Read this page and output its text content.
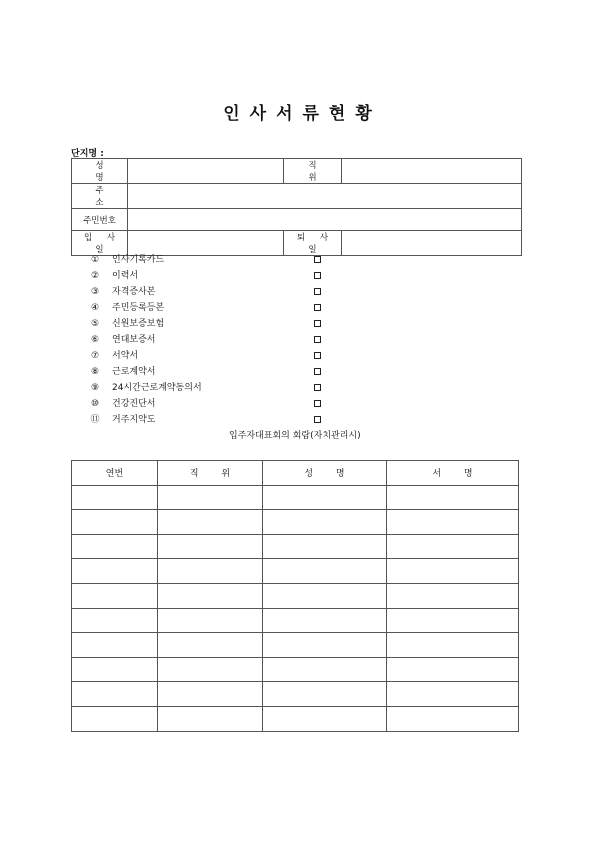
인사서류현황
단지명 :
성 명		직 위	
주 소			
주민번호			
입 사 일		퇴 사 일	
①	인사기록카드
②	이력서
③	자격증사본
④	주민등록등본
⑤	신원보증보험
⑥	연대보증서
⑦	서약서
⑧	근로계약서
⑨	24시간근로계약동의서
⑩	건강진단서
⑪ 거주지약도
입주자대표회의 회람(자치관리시)
연번	직 위	성 명	서 명
